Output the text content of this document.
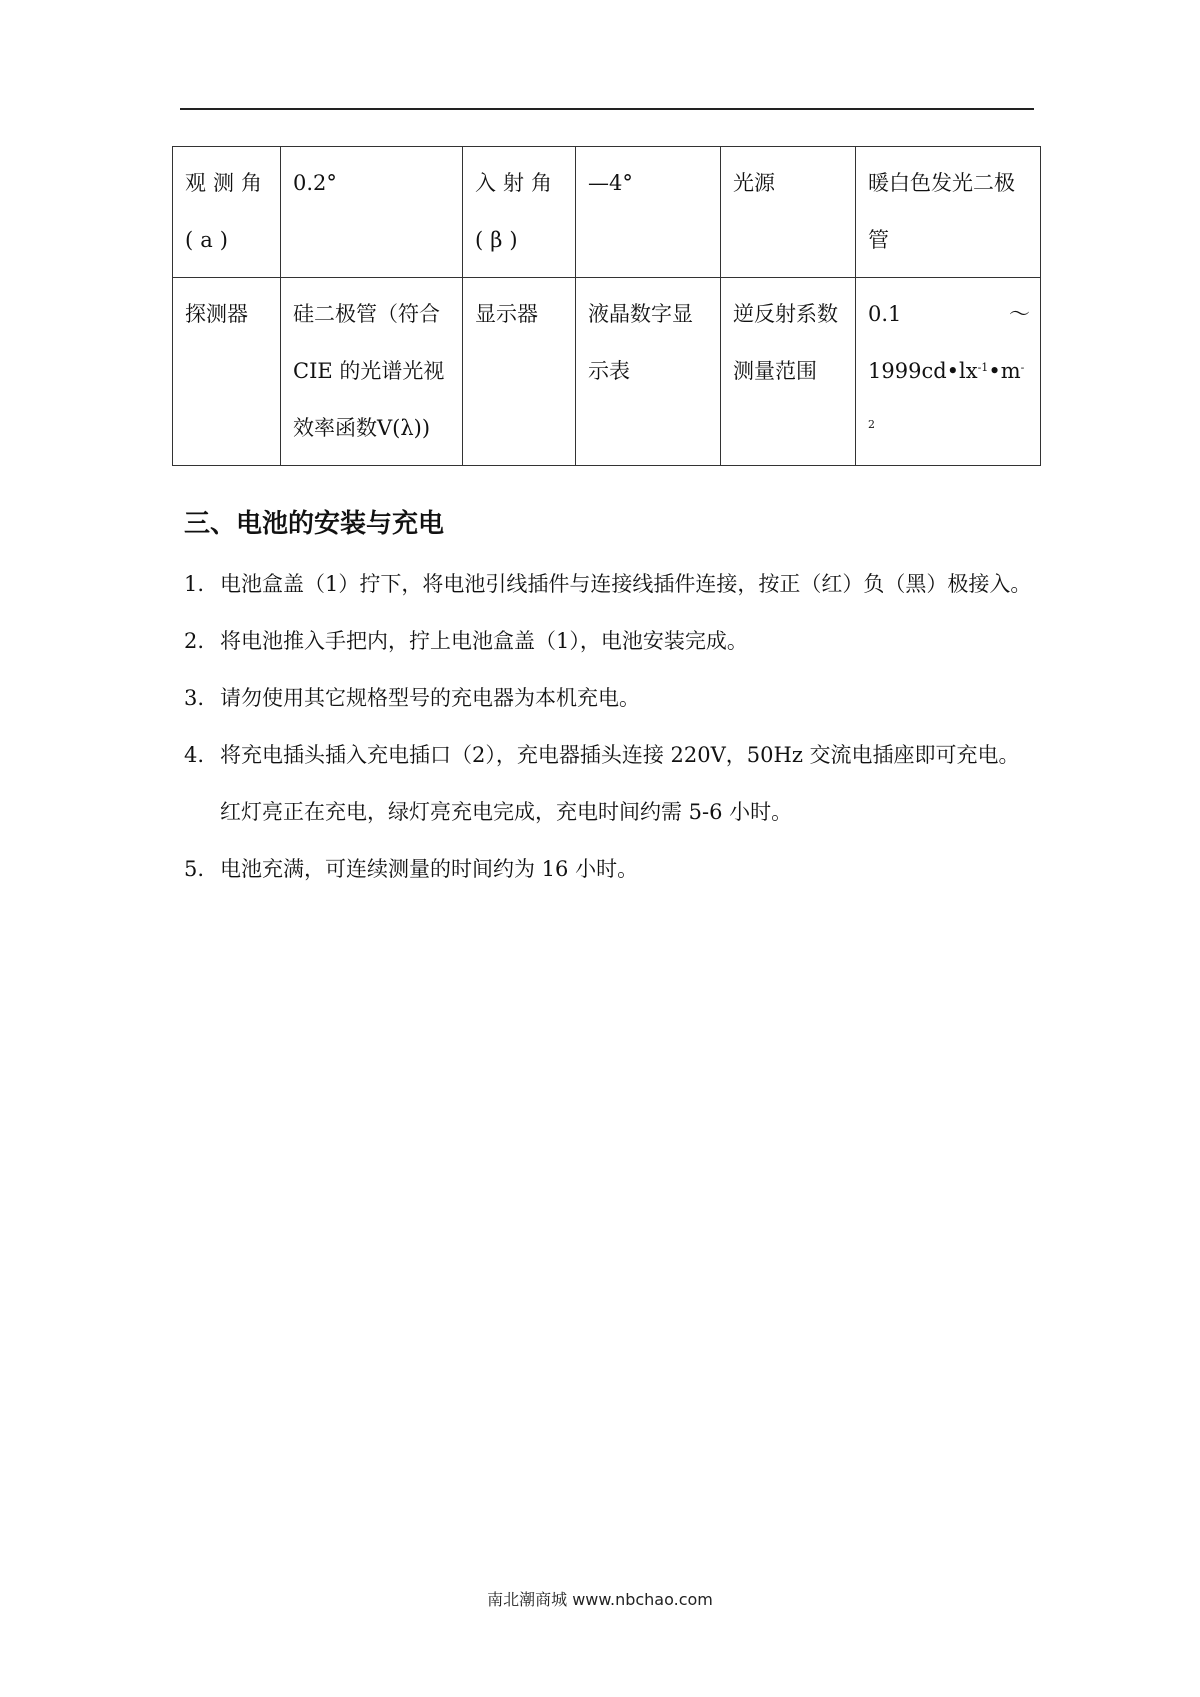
观测角(a)	0.2°	入射角(β)	—4°	光源	暖白色发光二极管
探测器	硅二极管（符合CIE 的光谱光视效率函数V(λ))	显示器	液晶数字显示表	逆反射系数测量范围	0.1 ～
$1999cd•lx^{-1}•m^{-2}$
三、电池的安装与充电
1. 电池盒盖（1）拧下，将电池引线插件与连接线插件连接，按正（红）负（黑）极接入。
2. 将电池推入手把内，拧上电池盒盖（1），电池安装完成。
3. 请勿使用其它规格型号的充电器为本机充电。
4. 将充电插头插入充电插口（2），充电器插头连接 220V，50Hz 交流电插座即可充电。红灯亮正在充电，绿灯亮充电完成，充电时间约需 5-6 小时。
5. 电池充满，可连续测量的时间约为 16 小时。
南北潮商城 www.nbchao.com
